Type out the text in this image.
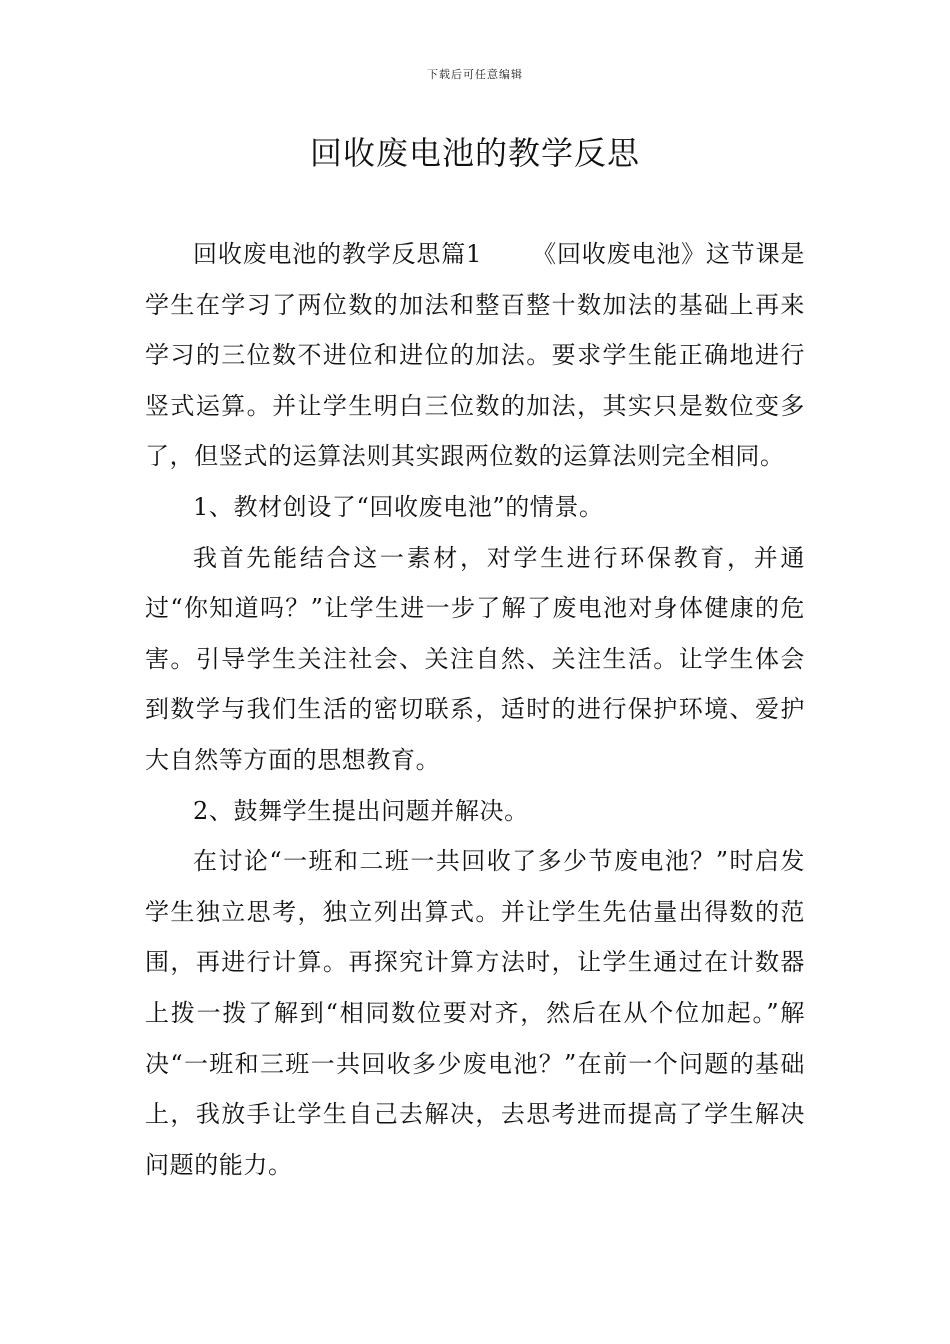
下载后可任意编辑
回收废电池的教学反思

回收废电池的教学反思篇1 《回收废电池》这节课是学生在学习了两位数的加法和整百整十数加法的基础上再来学习的三位数不进位和进位的加法。要求学生能正确地进行竖式运算。并让学生明白三位数的加法，其实只是数位变多了，但竖式的运算法则其实跟两位数的运算法则完全相同。

1、教材创设了“回收废电池”的情景。

我首先能结合这一素材，对学生进行环保教育，并通过“你知道吗？”让学生进一步了解了废电池对身体健康的危害。引导学生关注社会、关注自然、关注生活。让学生体会到数学与我们生活的密切联系，适时的进行保护环境、爱护大自然等方面的思想教育。

2、鼓舞学生提出问题并解决。

在讨论“一班和二班一共回收了多少节废电池？”时启发学生独立思考，独立列出算式。并让学生先估量出得数的范围，再进行计算。再探究计算方法时，让学生通过在计数器上拨一拨了解到“相同数位要对齐，然后在从个位加起。”解决“一班和三班一共回收多少废电池？”在前一个问题的基础上，我放手让学生自己去解决，去思考进而提高了学生解决问题的能力。
